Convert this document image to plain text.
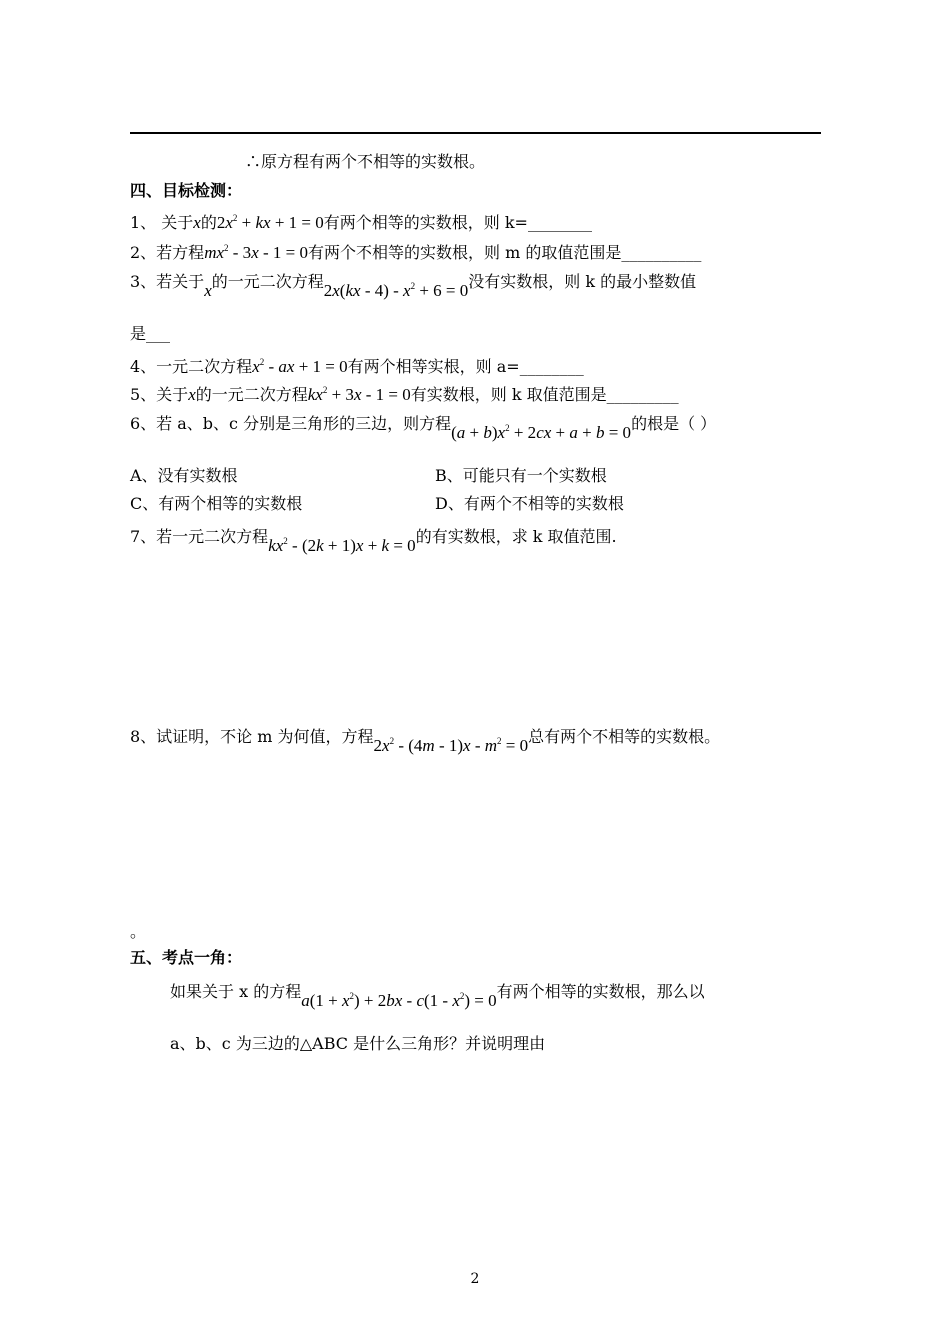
∴原方程有两个不相等的实数根。
四、目标检测：
1、 关于x的$2x^2$ + kx + 1 = 0有两个相等的实数根，则 k=________
2、若方程$mx^2 - 3x - 1 = 0$有两个不相等的实数根，则 m 的取值范围是__________
3、若关于x的一元二次方程$2x(kx - 4) - x^2 + 6 = 0$没有实数根，则 k 的最小整数值
是___
4、一元二次方程$x^2$ - ax + 1 = 0有两个相等实根，则 a=________
5、关于x的一元二次方程$kx^2 + 3x - 1 = 0$有实数根，则 k 取值范围是_________
6、若 a、b、c 分别是三角形的三边，则方程$(a + b)x^2 + 2cx + a + b = 0$的根是（ ）
A、没有实数根	B、可能只有一个实数根
C、有两个相等的实数根	D、有两个不相等的实数根
7、若一元二次方程$kx^2 - (2k + 1)x + k = 0$的有实数根，求 k 取值范围.
8、试证明，不论 m 为何值，方程$2x^2 - (4m - 1)x - m^2 = 0$总有两个不相等的实数根。
。
五、考点一角：
如果关于 x 的方程$a(1 + x^2) + 2bx - c(1 - x^2) = 0$有两个相等的实数根，那么以
a、b、c 为三边的△ABC 是什么三角形？并说明理由
2
